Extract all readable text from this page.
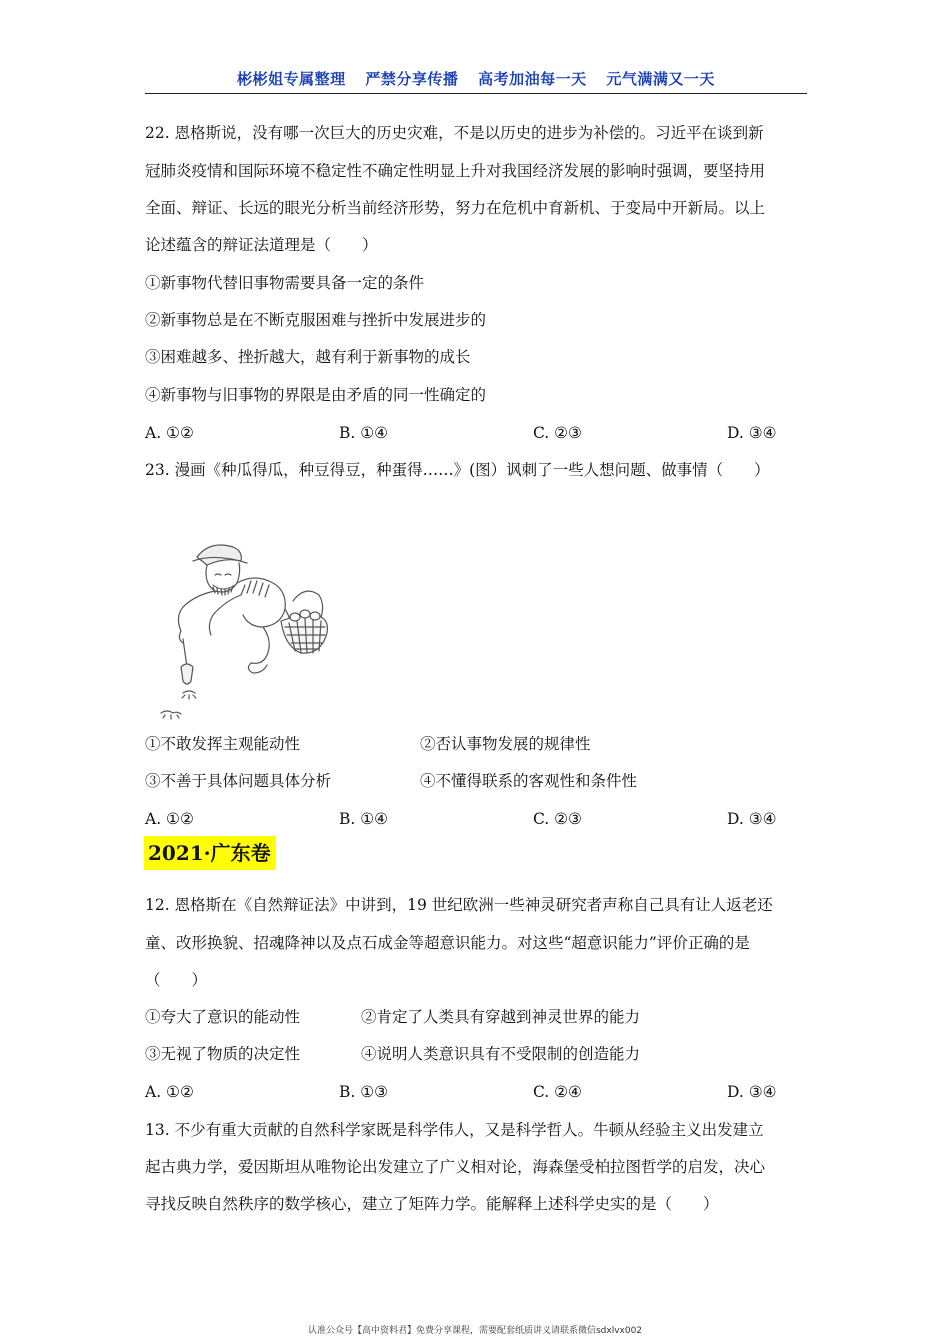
彬彬姐专属整理 严禁分享传播 高考加油每一天 元气满满又一天
22. 恩格斯说，没有哪一次巨大的历史灾难，不是以历史的进步为补偿的。习近平在谈到新
冠肺炎疫情和国际环境不稳定性不确定性明显上升对我国经济发展的影响时强调，要坚持用
全面、辩证、长远的眼光分析当前经济形势，努力在危机中育新机、于变局中开新局。以上
论述蕴含的辩证法道理是（　　）
①新事物代替旧事物需要具备一定的条件
②新事物总是在不断克服困难与挫折中发展进步的
③困难越多、挫折越大，越有利于新事物的成长
④新事物与旧事物的界限是由矛盾的同一性确定的
A. ①②	B. ①④	C. ②③	D. ③④
23. 漫画《种瓜得瓜，种豆得豆，种蛋得……》(图）讽刺了一些人想问题、做事情（　　）
①不敢发挥主观能动性	②否认事物发展的规律性
③不善于具体问题具体分析	④不懂得联系的客观性和条件性
A. ①②	B. ①④	C. ②③	D. ③④
2021·广东卷
12. 恩格斯在《自然辩证法》中讲到，19 世纪欧洲一些神灵研究者声称自己具有让人返老还
童、改形换貌、招魂降神以及点石成金等超意识能力。对这些“超意识能力”评价正确的是
（　　）
①夸大了意识的能动性	②肯定了人类具有穿越到神灵世界的能力
③无视了物质的决定性	④说明人类意识具有不受限制的创造能力
A. ①②	B. ①③	C. ②④	D. ③④
13. 不少有重大贡献的自然科学家既是科学伟人，又是科学哲人。牛顿从经验主义出发建立
起古典力学，爱因斯坦从唯物论出发建立了广义相对论，海森堡受柏拉图哲学的启发，决心
寻找反映自然秩序的数学核心，建立了矩阵力学。能解释上述科学史实的是（　　）
认准公众号【高中资料君】免费分享课程，需要配套纸质讲义请联系微信sdxlvx002
